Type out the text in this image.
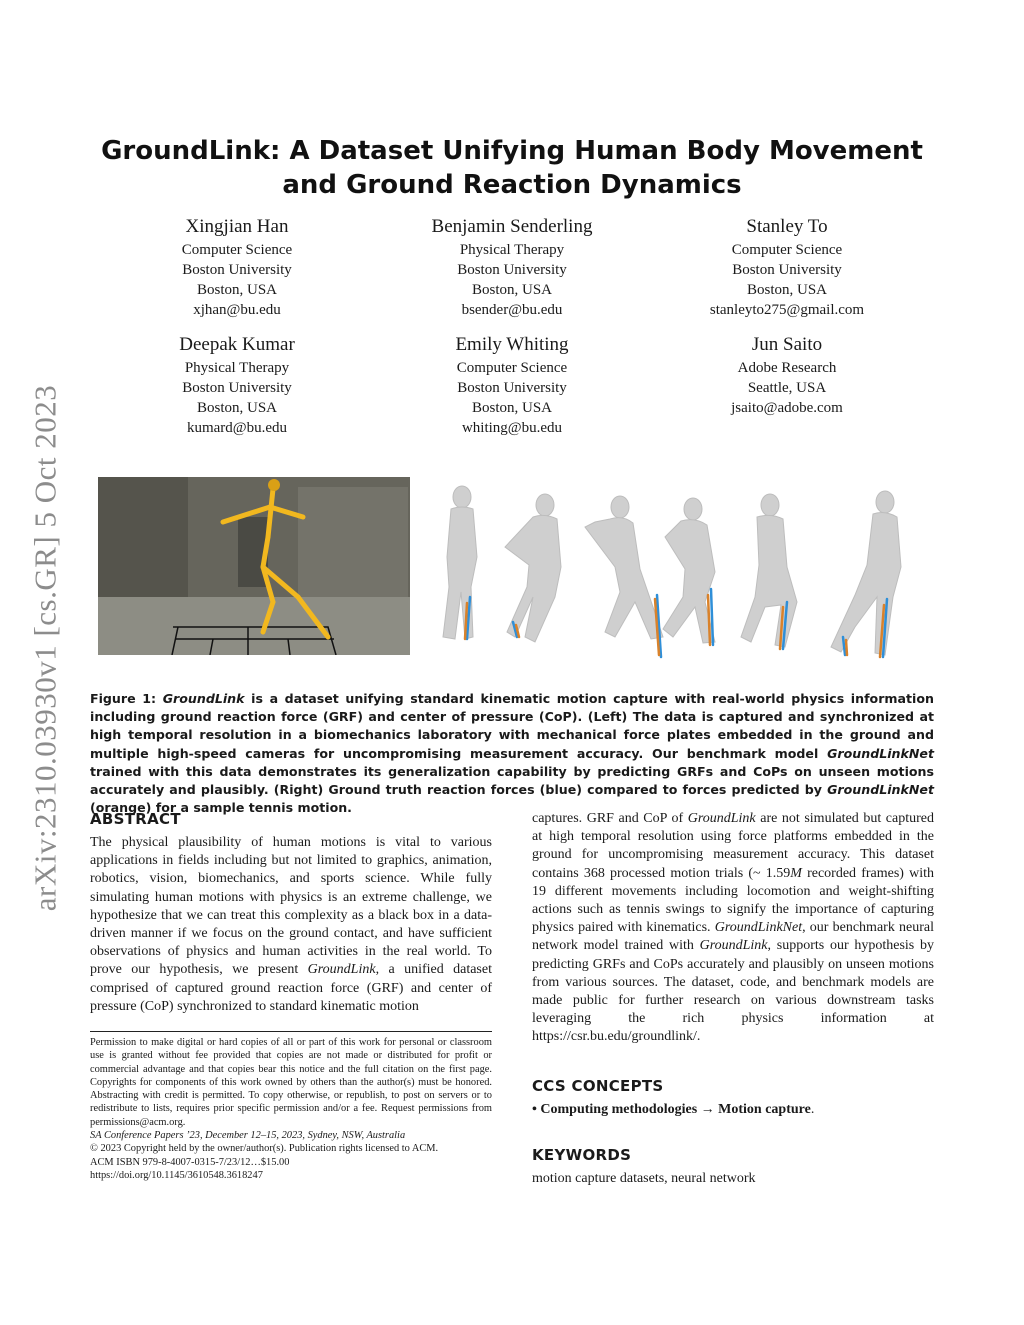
arXiv:2310.03930v1 [cs.GR] 5 Oct 2023
GroundLink: A Dataset Unifying Human Body Movement and Ground Reaction Dynamics
Xingjian Han
Computer Science
Boston University
Boston, USA
xjhan@bu.edu
Benjamin Senderling
Physical Therapy
Boston University
Boston, USA
bsender@bu.edu
Stanley To
Computer Science
Boston University
Boston, USA
stanleyto275@gmail.com
Deepak Kumar
Physical Therapy
Boston University
Boston, USA
kumard@bu.edu
Emily Whiting
Computer Science
Boston University
Boston, USA
whiting@bu.edu
Jun Saito
Adobe Research
Seattle, USA
jsaito@adobe.com
Figure 1: GroundLink is a dataset unifying standard kinematic motion capture with real-world physics information including ground reaction force (GRF) and center of pressure (CoP). (Left) The data is captured and synchronized at high temporal resolution in a biomechanics laboratory with mechanical force plates embedded in the ground and multiple high-speed cameras for uncompromising measurement accuracy. Our benchmark model GroundLinkNet trained with this data demonstrates its generalization capability by predicting GRFs and CoPs on unseen motions accurately and plausibly. (Right) Ground truth reaction forces (blue) compared to forces predicted by GroundLinkNet (orange) for a sample tennis motion.
ABSTRACT
The physical plausibility of human motions is vital to various applications in fields including but not limited to graphics, animation, robotics, vision, biomechanics, and sports science. While fully simulating human motions with physics is an extreme challenge, we hypothesize that we can treat this complexity as a black box in a data-driven manner if we focus on the ground contact, and have sufficient observations of physics and human activities in the real world. To prove our hypothesis, we present GroundLink, a unified dataset comprised of captured ground reaction force (GRF) and center of pressure (CoP) synchronized to standard kinematic motion
captures. GRF and CoP of GroundLink are not simulated but captured at high temporal resolution using force platforms embedded in the ground for uncompromising measurement accuracy. This dataset contains 368 processed motion trials (~ 1.59M recorded frames) with 19 different movements including locomotion and weight-shifting actions such as tennis swings to signify the importance of capturing physics paired with kinematics. GroundLinkNet, our benchmark neural network model trained with GroundLink, supports our hypothesis by predicting GRFs and CoPs accurately and plausibly on unseen motions from various sources. The dataset, code, and benchmark models are made public for further research on various downstream tasks leveraging the rich physics information at https://csr.bu.edu/groundlink/.
CCS CONCEPTS
• Computing methodologies → Motion capture.
KEYWORDS
motion capture datasets, neural network

Permission to make digital or hard copies of all or part of this work for personal or classroom use is granted without fee provided that copies are not made or distributed for profit or commercial advantage and that copies bear this notice and the full citation on the first page. Copyrights for components of this work owned by others than the author(s) must be honored. Abstracting with credit is permitted. To copy otherwise, or republish, to post on servers or to redistribute to lists, requires prior specific permission and/or a fee. Request permissions from permissions@acm.org.

SA Conference Papers ’23, December 12–15, 2023, Sydney, NSW, Australia

© 2023 Copyright held by the owner/author(s). Publication rights licensed to ACM.

ACM ISBN 979-8-4007-0315-7/23/12…$15.00

https://doi.org/10.1145/3610548.3618247
